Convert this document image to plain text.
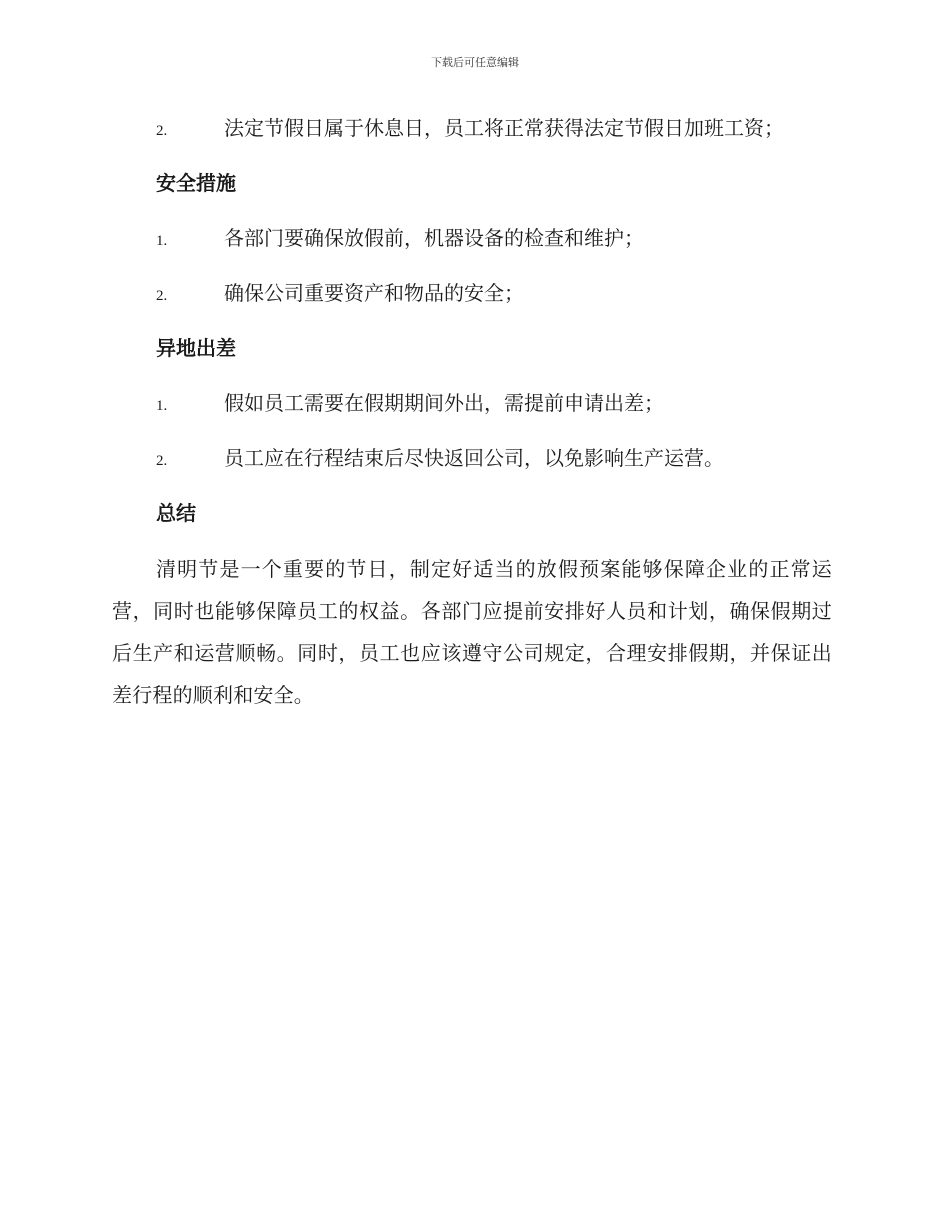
下载后可任意编辑
2.	法定节假日属于休息日，员工将正常获得法定节假日加班工资；
安全措施
1.	各部门要确保放假前，机器设备的检查和维护；
2.	确保公司重要资产和物品的安全；
异地出差
1.	假如员工需要在假期期间外出，需提前申请出差；
2.	员工应在行程结束后尽快返回公司，以免影响生产运营。
总结

清明节是一个重要的节日，制定好适当的放假预案能够保障企业的正常运营，同时也能够保障员工的权益。各部门应提前安排好人员和计划，确保假期过后生产和运营顺畅。同时，员工也应该遵守公司规定，合理安排假期，并保证出差行程的顺利和安全。
